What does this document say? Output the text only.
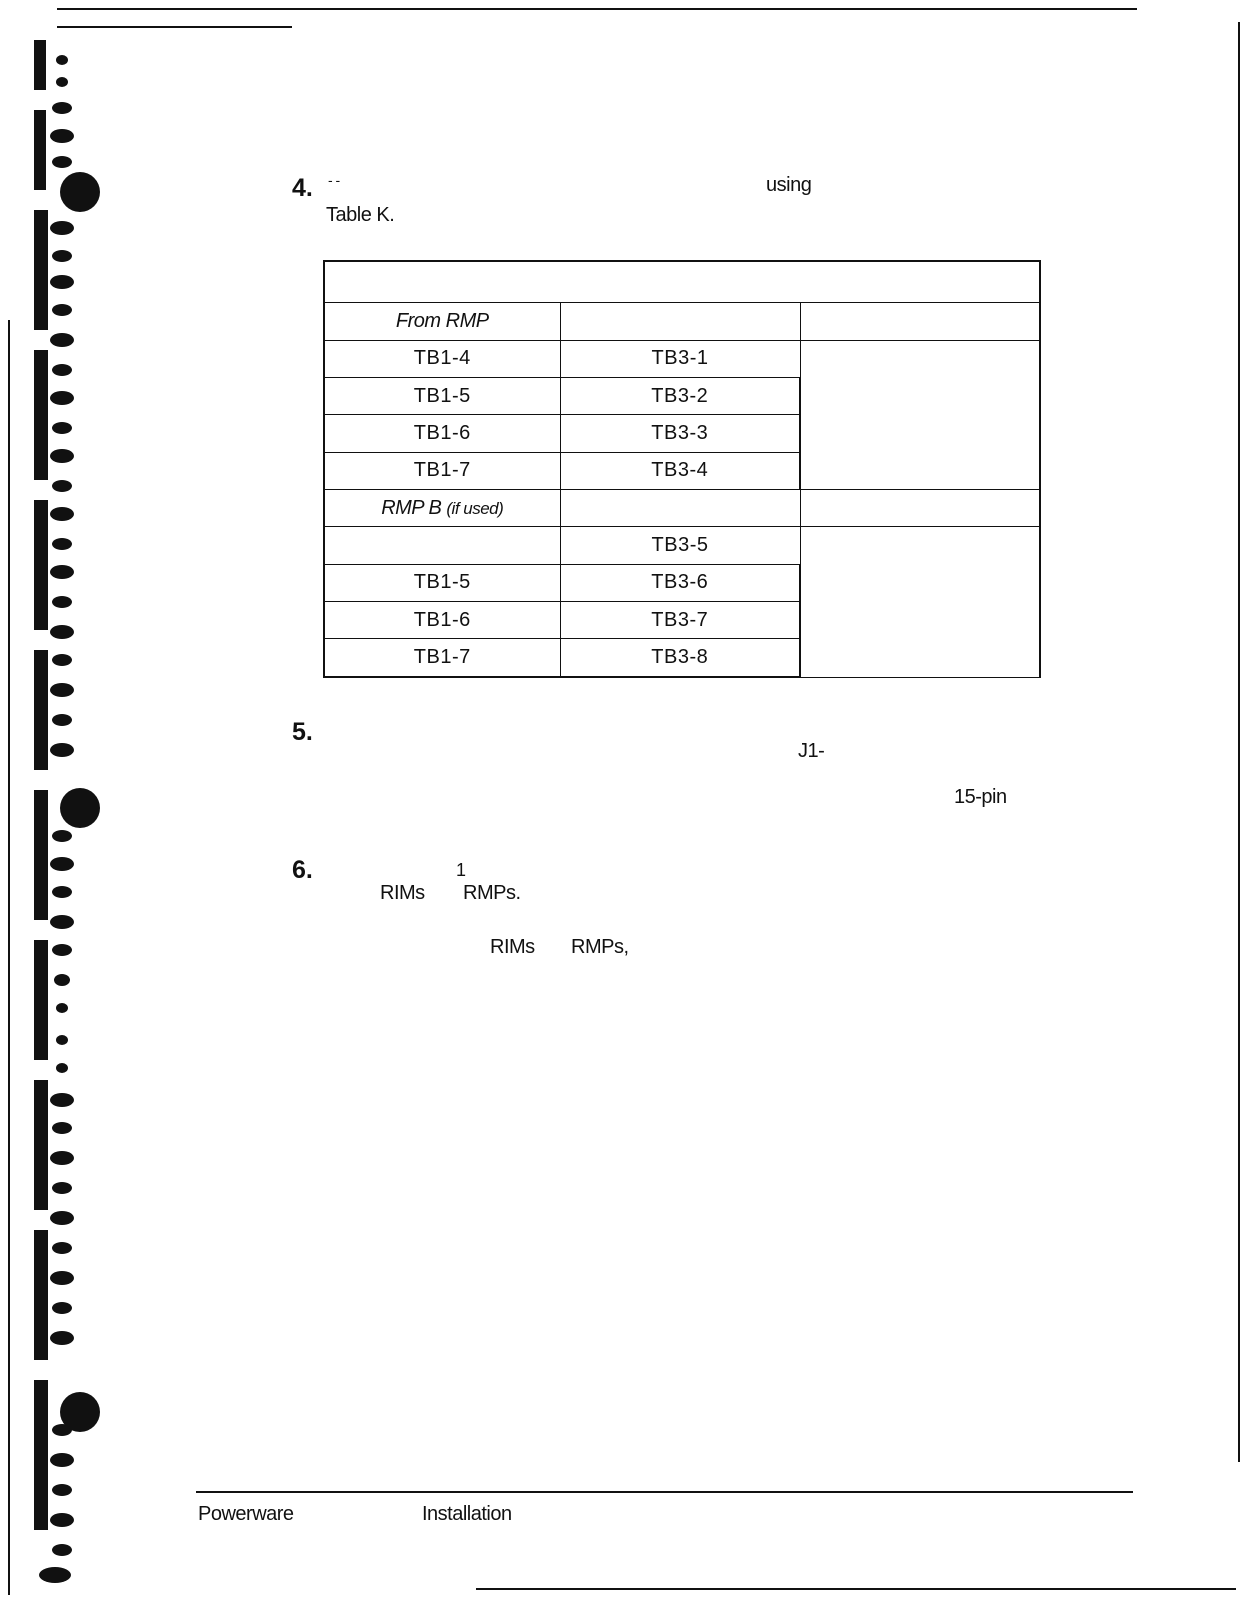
4. - -	using
Table K.

From RMP		
TB1-4	TB3-1	
TB1-5	TB3-2	
TB1-6	TB3-3	
TB1-7	TB3-4	
RMP B (if used)		
	TB3-5	
TB1-5	TB3-6	
TB1-6	TB3-7	
TB1-7	TB3-8	
5.
J1-
15-pin
6.	1
RIMs RMPs.
RIMs RMPs,
Powerware	Installation
